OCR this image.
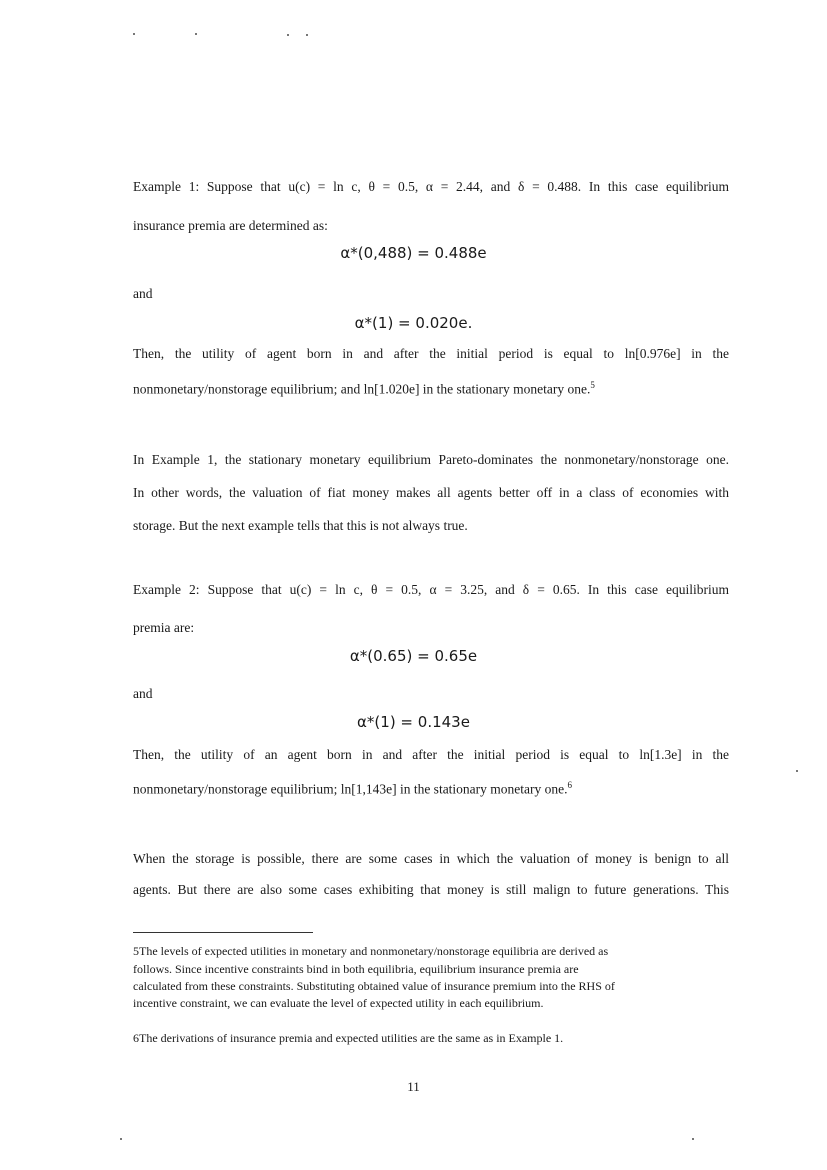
Example 1: Suppose that u(c) = ln c, θ = 0.5, α = 2.44, and δ = 0.488. In this case equilibrium
insurance premia are determined as:
α*(0,488) = 0.488e
and
α*(1) = 0.020e.
Then, the utility of agent born in and after the initial period is equal to ln[0.976e] in the
nonmonetary/nonstorage equilibrium; and ln[1.020e] in the stationary monetary one.$^5$
In Example 1, the stationary monetary equilibrium Pareto-dominates the nonmonetary/nonstorage one.
In other words, the valuation of fiat money makes all agents better off in a class of economies with
storage. But the next example tells that this is not always true.
Example 2: Suppose that u(c) = ln c, θ = 0.5, α = 3.25, and δ = 0.65. In this case equilibrium
premia are:
α*(0.65) = 0.65e
and
α*(1) = 0.143e
Then, the utility of an agent born in and after the initial period is equal to ln[1.3e] in the
nonmonetary/nonstorage equilibrium; ln[1,143e] in the stationary monetary one.$^6$
When the storage is possible, there are some cases in which the valuation of money is benign to all
agents. But there are also some cases exhibiting that money is still malign to future generations. This
5The levels of expected utilities in monetary and nonmonetary/nonstorage equilibria are derived as
follows. Since incentive constraints bind in both equilibria, equilibrium insurance premia are
calculated from these constraints. Substituting obtained value of insurance premium into the RHS of
incentive constraint, we can evaluate the level of expected utility in each equilibrium.
6The derivations of insurance premia and expected utilities are the same as in Example 1.
11
